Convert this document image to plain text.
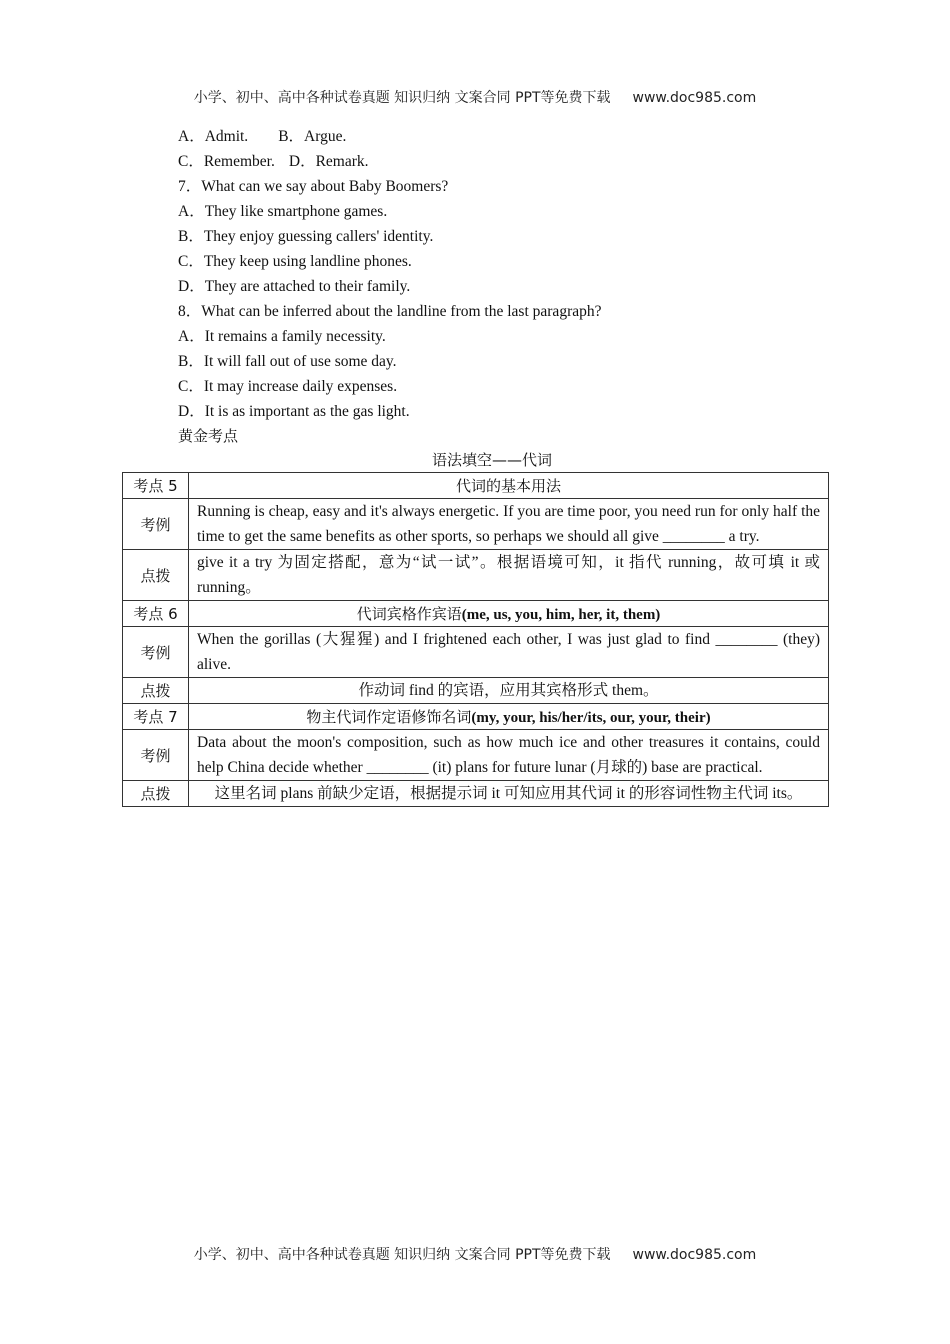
小学、初中、高中各种试卷真题 知识归纳 文案合同 PPT等免费下载 www.doc985.com
A．Admit. B．Argue.
C．Remember. D．Remark.
7．What can we say about Baby Boomers?
A．They like smartphone games.
B．They enjoy guessing callers' identity.
C．They keep using landline phones.
D．They are attached to their family.
8．What can be inferred about the landline from the last paragraph?
A．It remains a family necessity.
B．It will fall out of use some day.
C．It may increase daily expenses.
D．It is as important as the gas light.
黄金考点
语法填空——代词
考点 5	代词的基本用法
考例	Running is cheap, easy and it's always energetic. If you are time poor, you need run for only half the time to get the same benefits as other sports, so perhaps we should all give ________ a try.
点拨	give it a try 为固定搭配，意为“试一试”。根据语境可知，it 指代 running，故可填 it 或 running。
考点 6	代词宾格作宾语(me, us, you, him, her, it, them)
考例	When the gorillas (大猩猩) and I frightened each other, I was just glad to find ________ (they) alive.
点拨	作动词 find 的宾语，应用其宾格形式 them。
考点 7	物主代词作定语修饰名词(my, your, his/her/its, our, your, their)
考例	Data about the moon's composition, such as how much ice and other treasures it contains, could help China decide whether ________ (it) plans for future lunar (月球的) base are practical.
点拨	这里名词 plans 前缺少定语，根据提示词 it 可知应用其代词 it 的形容词性物主代词 its。
小学、初中、高中各种试卷真题 知识归纳 文案合同 PPT等免费下载 www.doc985.com
